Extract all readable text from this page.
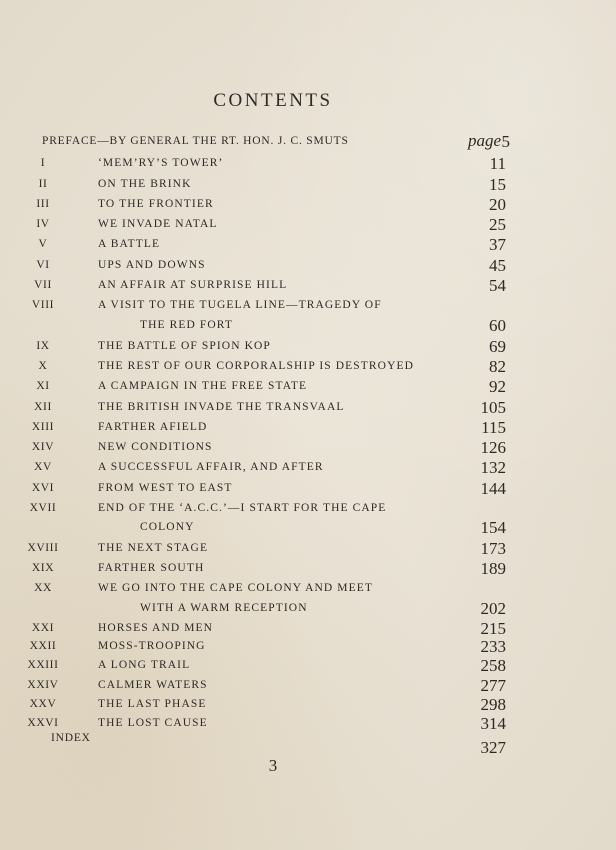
CONTENTS
PREFACE—BY GENERAL THE RT. HON. J. C. SMUTS	page 5
I	‘MEM’RY’S TOWER’	11
II	ON THE BRINK	15
III	TO THE FRONTIER	20
IV	WE INVADE NATAL	25
V	A BATTLE	37
VI	UPS AND DOWNS	45
VII	AN AFFAIR AT SURPRISE HILL	54
VIII	A VISIT TO THE TUGELA LINE—TRAGEDY OF
THE RED FORT	60
IX	THE BATTLE OF SPION KOP	69
X	THE REST OF OUR CORPORALSHIP IS DESTROYED	82
XI	A CAMPAIGN IN THE FREE STATE	92
XII	THE BRITISH INVADE THE TRANSVAAL	105
XIII	FARTHER AFIELD	115
XIV	NEW CONDITIONS	126
XV	A SUCCESSFUL AFFAIR, AND AFTER	132
XVI	FROM WEST TO EAST	144
XVII	END OF THE ‘A.C.C.’—I START FOR THE CAPE
COLONY	154
XVIII	THE NEXT STAGE	173
XIX	FARTHER SOUTH	189
XX	WE GO INTO THE CAPE COLONY AND MEET
WITH A WARM RECEPTION	202
XXI	HORSES AND MEN	215
XXII	MOSS-TROOPING	233
XXIII	A LONG TRAIL	258
XXIV	CALMER WATERS	277
XXV	THE LAST PHASE	298
XXVI	THE LOST CAUSE	314
INDEX	327
3
